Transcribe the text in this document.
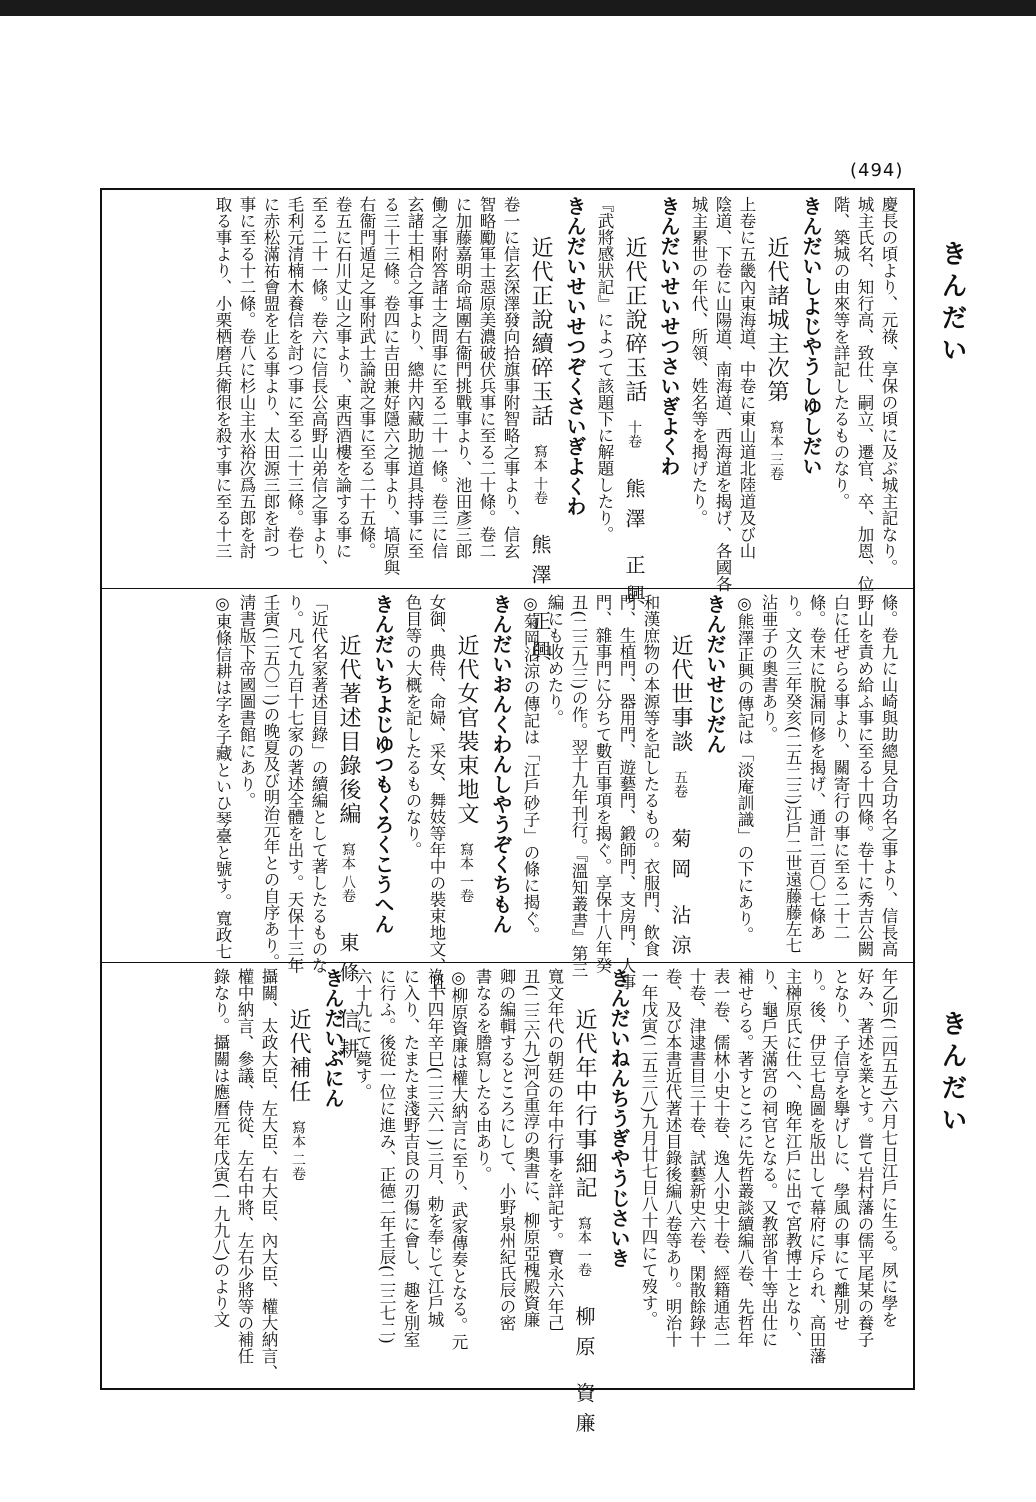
(494)
きんだい
きんだい
慶長の頃より、元祿、享保の頃に及ぶ城主記なり。
城主氏名、知行高、致仕、嗣立、遷官、卒、加恩、位
階、築城の由來等を詳記したるものなり。
きんだいしよじやうしゆしだい
近代諸城主次第寫本 三卷
上卷に五畿內東海道、中卷に東山道北陸道及び山
陰道、下卷に山陽道、南海道、西海道を揭げ、各國各
城主累世の年代、所領、姓名等を揭げたり。
きんだいせいせつさいぎよくわ
近代正說碎玉話十卷熊澤 正興
『武將感狀記』によつて該題下に解題したり。
きんだいせいせつぞくさいぎよくわ
近代正說續碎玉話寫本 十卷熊澤 正興
卷一に信玄深澤發向拾旗事附智略之事より、信玄
智略勵軍士惡原美濃破伏兵事に至る二十條。卷二
に加藤嘉明命塙團右衞門挑戰事より、池田彥三郎
働之事附答諸士之問事に至る二十一條。卷三に信
玄諸士相合之事より、總井內藏助拋道具持事に至
る三十三條。卷四に吉田兼好隱六之事より、塙原與
右衞門遁足之事附武士論說之事に至る二十五條。
卷五に石川丈山之事より、東西酒樓を論する事に
至る二十一條。卷六に信長公高野山弟信之事より、
毛利元清楠木養信を討つ事に至る二十三條。卷七
に赤松滿祐會盟を止る事より、太田源三郎を討つ
事に至る十二條。卷八に杉山主水裕次爲五郎を討
取る事より、小栗栖磨兵衛很を殺す事に至る十三
條。卷九に山崎與助總見合功名之事より、信長高
野山を責め給ふ事に至る十四條。卷十に秀吉公闕
白に任ぜらる事より、關寄行の事に至る二十二
條。卷末に脫漏同修を揭げ、通計二百〇七條あ
り。文久三年癸亥(二五二三)江戶二世遠藤藤左七
沾亜子の奧書あり。
◎熊澤正興の傳記は「淡庵訓識」の下にあり。
きんだいせじだん
近代世事談五卷菊岡 沾涼
和漢庶物の本源等を記したるもの。衣服門、飲食
門、生植門、器用門、遊藝門、鍛師門、支房門、人事
門、雜事門に分ちて數百事項を揭ぐ。享保十八年癸
丑(二三九三)の作。翌十九年刊行。『溫知叢書』第三
編にも收めたり。
◎菊岡沾涼の傳記は「江戶砂子」の條に揭ぐ。
きんだいおんくわんしやうぞくちもん
近代女官裝束地文寫本 一卷
女御、典侍、命婦、采女、舞妓等年中の裝束地文、且、
色目等の大概を記したるものなり。
きんだいちよじゆつもくろくこうへん
近代著述目錄後編寫本 八卷東條 信耕
「近代名家著述目錄」の續編として著したるものな
り。凡て九百十七家の著述全體を出す。天保十三年
壬寅(二五〇二)の晚夏及び明治元年との自序あり。
淸書版下帝國圖書館にあり。
◎東條信耕は字を子藏といひ琴臺と號す。寬政七
年乙卯(二四五五)六月七日江戶に生る。夙に學を
好み、著述を業とす。嘗て岩村藩の儒平尾某の養子
となり、子信亨を擧げしに、學風の事にて離別せ
り。後、伊豆七島圖を版出して幕府に斥られ、高田藩
主榊原氏に仕へ、晚年江戶に出で宮教博士となり、
り、龜戶天滿宮の祠官となる。又教部省十等出仕に
補せらる。著すところに先哲叢談續編八卷、先哲年
表一卷、儒林小史十卷、逸人小史十卷、經籍通志二
十卷、津逮書目三十卷、試藝新史六卷、閑散餘錄十
卷、及び本書近代著述目錄後編八卷等あり。明治十
一年戊寅(二五三八)九月廿七日八十四にて歿す。
きんだいねんちうぎやうじさいき
近代年中行事細記寫本 一卷柳原 資廉
寬文年代の朝廷の年中行事を詳記す。寶永六年己
丑(二三六九)河合重淳の奧書に、柳原亞槐殿資廉
卿の編輯するところにして、小野泉州紀氏辰の密
書なるを謄寫したる由あり。
◎柳原資廉は權大納言に至り、武家傳奏となる。元
祿十四年辛巳(二三六一)三月、勅を奉じて江戶城
に入り、たまたま淺野吉良の刃傷に會し、趣を別室
に行ふ。後從一位に進み、正德二年壬辰(二三七二)
六十九にて薨す。
きんだいぶにん
近代補任寫本 二卷
攝關、太政大臣、左大臣、右大臣、內大臣、權大納言、
權中納言、參議、侍從、左右中將、左右少將等の補任
錄なり。攝關は應曆元年戊寅(一九九八)のより文
